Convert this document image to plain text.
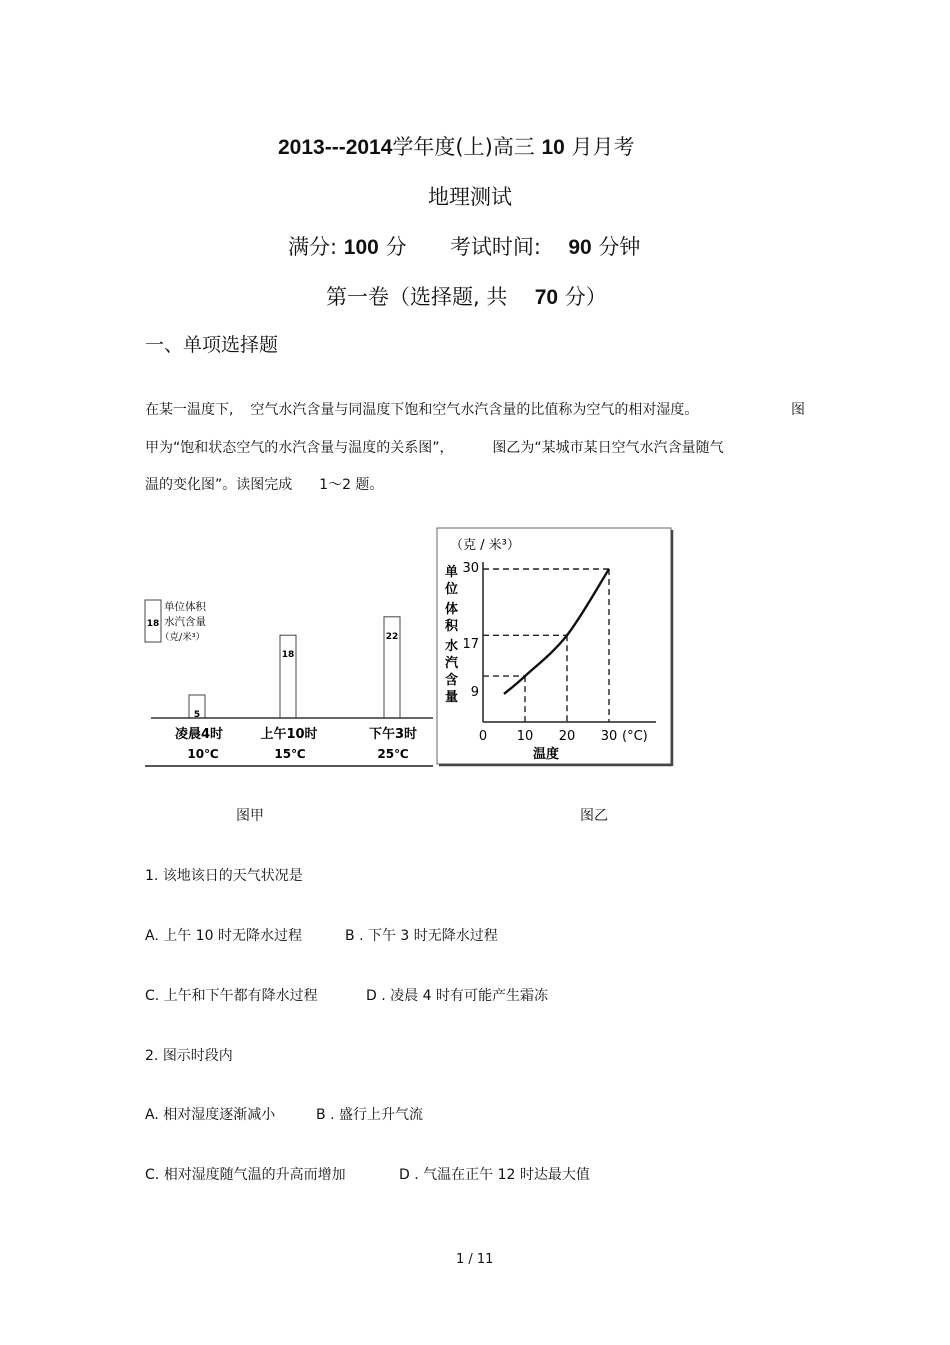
2013---2014学年度(上)高三 10 月月考
地理测试
满分: 100 分 考试时间: 90 分钟
第一卷（选择题, 共 70 分）
一、单项选择题
在某一温度下, 空气水汽含量与同温度下饱和空气水汽含量的比值称为空气的相对湿度。	图
甲为“饱和状态空气的水汽含量与温度的关系图”，	图乙为“某城市某日空气水汽含量随气
温的变化图”。读图完成 1～2 题。
18
单位体积
水汽含量
（克/米³）
5
18
22
凌晨4时	上午10时	下午3时
10℃	15℃	25℃
（克 / 米³）
单
位
体
积
水
汽
含
量
30
17
9
0 10 20 30 (°C)
温度
图甲	图乙
1. 该地该日的天气状况是
A. 上午 10 时无降水过程	B . 下午 3 时无降水过程
C. 上午和下午都有降水过程	D . 凌晨 4 时有可能产生霜冻
2. 图示时段内
A. 相对湿度逐渐减小	B . 盛行上升气流
C. 相对湿度随气温的升高而增加	D . 气温在正午 12 时达最大值
1 / 11
